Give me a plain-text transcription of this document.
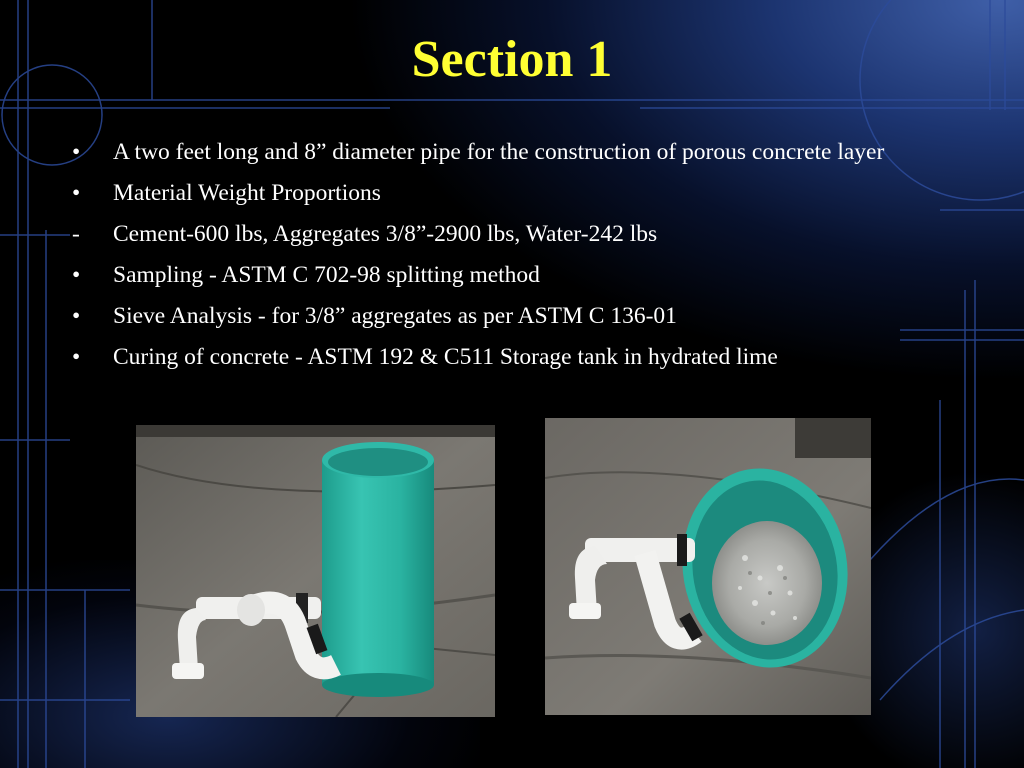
Section 1
•	A two feet long and 8” diameter pipe for the construction of porous concrete layer
•	Material Weight Proportions
-	Cement-600 lbs, Aggregates 3/8”-2900 lbs, Water-242 lbs
•	Sampling - ASTM C 702-98 splitting method
•	Sieve Analysis - for 3/8” aggregates as per ASTM C 136-01
•	Curing of concrete - ASTM 192 & C511 Storage tank in hydrated lime
